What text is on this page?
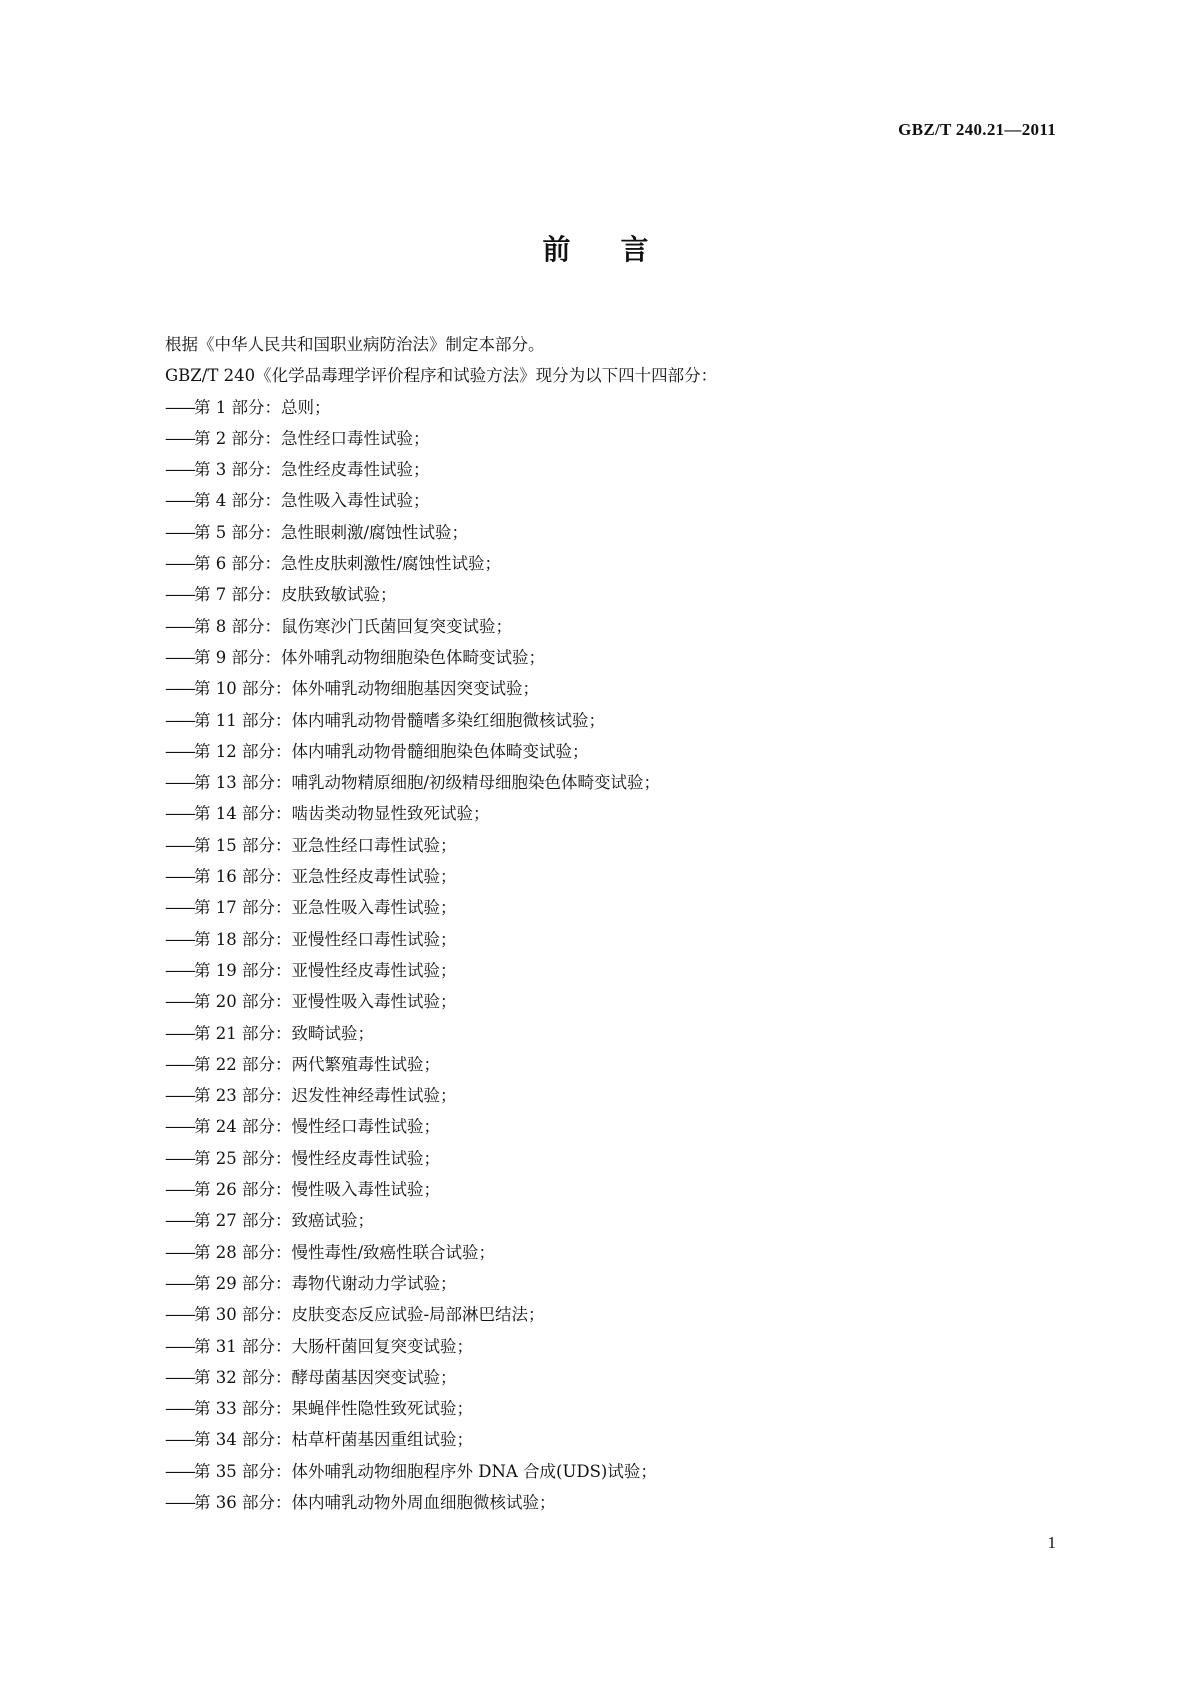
GBZ/T 240.21—2011
前言

根据《中华人民共和国职业病防治法》制定本部分。

GBZ/T 240《化学品毒理学评价程序和试验方法》现分为以下四十四部分：

——第 1 部分：总则；
——第 2 部分：急性经口毒性试验；
——第 3 部分：急性经皮毒性试验；
——第 4 部分：急性吸入毒性试验；
——第 5 部分：急性眼刺激/腐蚀性试验；
——第 6 部分：急性皮肤刺激性/腐蚀性试验；
——第 7 部分：皮肤致敏试验；
——第 8 部分：鼠伤寒沙门氏菌回复突变试验；
——第 9 部分：体外哺乳动物细胞染色体畸变试验；
——第 10 部分：体外哺乳动物细胞基因突变试验；
——第 11 部分：体内哺乳动物骨髓嗜多染红细胞微核试验；
——第 12 部分：体内哺乳动物骨髓细胞染色体畸变试验；
——第 13 部分：哺乳动物精原细胞/初级精母细胞染色体畸变试验；
——第 14 部分：啮齿类动物显性致死试验；
——第 15 部分：亚急性经口毒性试验；
——第 16 部分：亚急性经皮毒性试验；
——第 17 部分：亚急性吸入毒性试验；
——第 18 部分：亚慢性经口毒性试验；
——第 19 部分：亚慢性经皮毒性试验；
——第 20 部分：亚慢性吸入毒性试验；
——第 21 部分：致畸试验；
——第 22 部分：两代繁殖毒性试验；
——第 23 部分：迟发性神经毒性试验；
——第 24 部分：慢性经口毒性试验；
——第 25 部分：慢性经皮毒性试验；
——第 26 部分：慢性吸入毒性试验；
——第 27 部分：致癌试验；
——第 28 部分：慢性毒性/致癌性联合试验；
——第 29 部分：毒物代谢动力学试验；
——第 30 部分：皮肤变态反应试验-局部淋巴结法；
——第 31 部分：大肠杆菌回复突变试验；
——第 32 部分：酵母菌基因突变试验；
——第 33 部分：果蝇伴性隐性致死试验；
——第 34 部分：枯草杆菌基因重组试验；
——第 35 部分：体外哺乳动物细胞程序外 DNA 合成(UDS)试验；
——第 36 部分：体内哺乳动物外周血细胞微核试验；
1
